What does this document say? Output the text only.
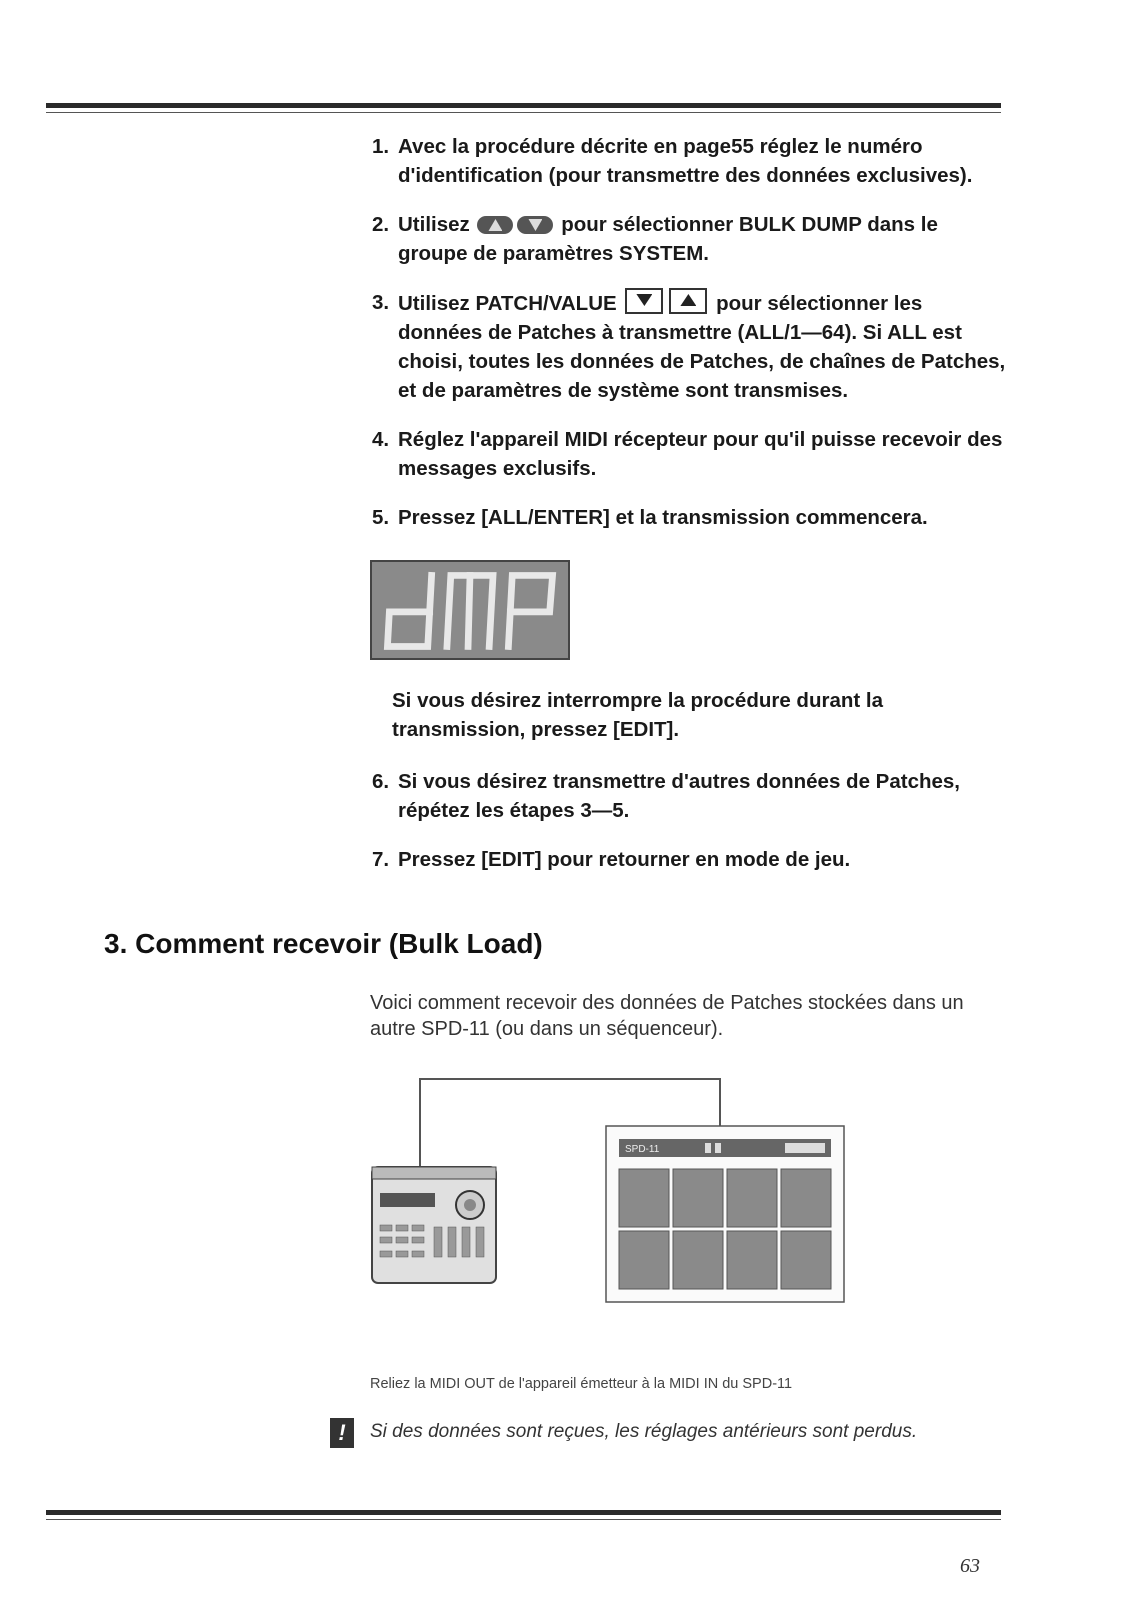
1. Avec la procédure décrite en page55 réglez le numéro d'identification (pour transmettre des données exclusives).
2. Utilisez	pour sélectionner BULK DUMP dans le groupe de paramètres SYSTEM.
3. Utilisez PATCH/VALUE	pour sélectionner les données de Patches à transmettre (ALL/1—64). Si ALL est choisi, toutes les données de Patches, de chaînes de Patches, et de paramètres de système sont transmises.
4. Réglez l'appareil MIDI récepteur pour qu'il puisse recevoir des messages exclusifs.
5. Pressez [ALL/ENTER] et la transmission commencera.
Si vous désirez interrompre la procédure durant la transmission, pressez [EDIT].
6. Si vous désirez transmettre d'autres données de Patches, répétez les étapes 3—5.
7. Pressez [EDIT] pour retourner en mode de jeu.
3. Comment recevoir (Bulk Load)
Voici comment recevoir des données de Patches stockées dans un autre SPD-11 (ou dans un séquenceur).
SPD-11
Reliez la MIDI OUT de l'appareil émetteur à la MIDI IN du SPD-11
!	Si des données sont reçues, les réglages antérieurs sont perdus.
63
